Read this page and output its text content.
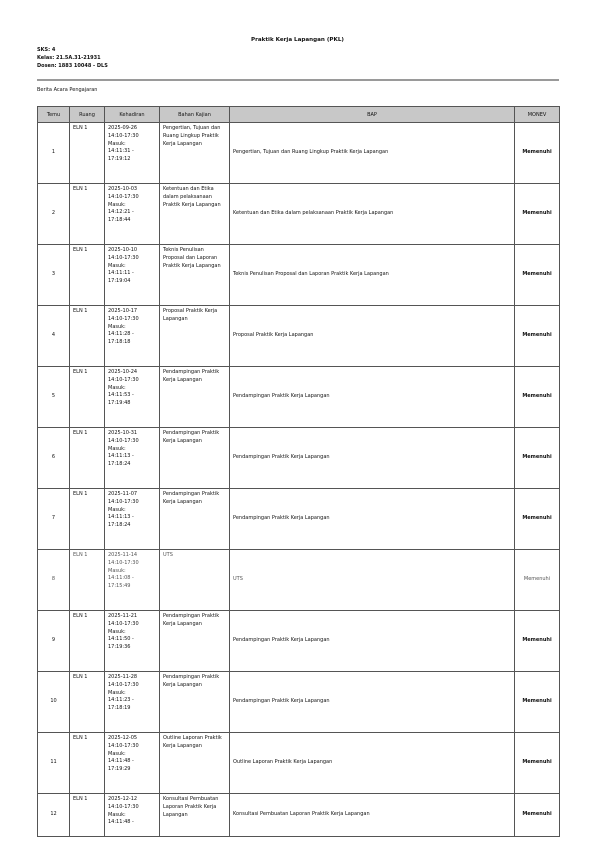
Praktik Kerja Lapangan (PKL)
SKS: 4
Kelas: 21.5A.31-21931
Dosen: 1883 10048 - DLS
Berita Acara Pengajaran
Temu	Ruang	Kehadiran	Bahan Kajian	BAP	MONEV
1	ELN 1	2025-09-26
14:10-17:30
Masuk:
14:11:31 -
17:19:12	Pengertian, Tujuan dan Ruang Lingkup Praktik Kerja Lapangan	Pengertian, Tujuan dan Ruang Lingkup Praktik Kerja Lapangan	Memenuhi
2	ELN 1	2025-10-03
14:10-17:30
Masuk:
14:12:21 -
17:18:44	Ketentuan dan Etika dalam pelaksanaan Praktik Kerja Lapangan	Ketentuan dan Etika dalam pelaksanaan Praktik Kerja Lapangan	Memenuhi
3	ELN 1	2025-10-10
14:10-17:30
Masuk:
14:11:11 -
17:19:04	Teknis Penulisan Proposal dan Laporan Praktik Kerja Lapangan	Teknis Penulisan Proposal dan Laporan Praktik Kerja Lapangan	Memenuhi
4	ELN 1	2025-10-17
14:10-17:30
Masuk:
14:11:28 -
17:18:18	Proposal Praktik Kerja Lapangan	Proposal Praktik Kerja Lapangan	Memenuhi
5	ELN 1	2025-10-24
14:10-17:30
Masuk:
14:11:53 -
17:19:48	Pendampingan Praktik Kerja Lapangan	Pendampingan Praktik Kerja Lapangan	Memenuhi
6	ELN 1	2025-10-31
14:10-17:30
Masuk:
14:11:13 -
17:18:24	Pendampingan Praktik Kerja Lapangan	Pendampingan Praktik Kerja Lapangan	Memenuhi
7	ELN 1	2025-11-07
14:10-17:30
Masuk:
14:11:13 -
17:18:24	Pendampingan Praktik Kerja Lapangan	Pendampingan Praktik Kerja Lapangan	Memenuhi
8	ELN 1	2025-11-14
14:10-17:30
Masuk:
14:11:08 -
17:15:49	UTS	UTS	Memenuhi
9	ELN 1	2025-11-21
14:10-17:30
Masuk:
14:11:50 -
17:19:36	Pendampingan Praktik Kerja Lapangan	Pendampingan Praktik Kerja Lapangan	Memenuhi
10	ELN 1	2025-11-28
14:10-17:30
Masuk:
14:11:23 -
17:18:19	Pendampingan Praktik Kerja Lapangan	Pendampingan Praktik Kerja Lapangan	Memenuhi
11	ELN 1	2025-12-05
14:10-17:30
Masuk:
14:11:48 -
17:19:29	Outline Laporan Praktik Kerja Lapangan	Outline Laporan Praktik Kerja Lapangan	Memenuhi
12	ELN 1	2025-12-12
14:10-17:30
Masuk:
14:11:48 -	Konsultasi Pembuatan Laporan Praktik Kerja Lapangan	Konsultasi Pembuatan Laporan Praktik Kerja Lapangan	Memenuhi
